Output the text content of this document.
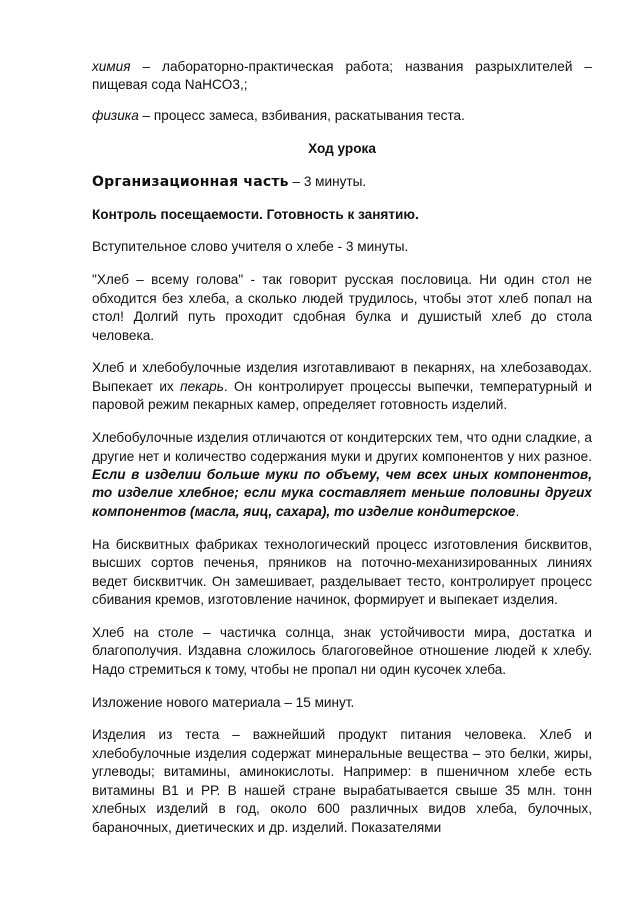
химия – лабораторно-практическая работа; названия разрыхлителей – пищевая сода NaHCO3,;

физика – процесс замеса, взбивания, раскатывания теста.

Ход урока

Организационная часть – 3 минуты.

Контроль посещаемости. Готовность к занятию.

Вступительное слово учителя о хлебе - 3 минуты.

"Хлеб – всему голова" - так говорит русская пословица. Ни один стол не обходится без хлеба, а сколько людей трудилось, чтобы этот хлеб попал на стол! Долгий путь проходит сдобная булка и душистый хлеб до стола человека.

Хлеб и хлебобулочные изделия изготавливают в пекарнях, на хлебозаводах. Выпекает их пекарь. Он контролирует процессы выпечки, температурный и паровой режим пекарных камер, определяет готовность изделий.

Хлебобулочные изделия отличаются от кондитерских тем, что одни сладкие, а другие нет и количество содержания муки и других компонентов у них разное. Если в изделии больше муки по объему, чем всех иных компонентов, то изделие хлебное; если мука составляет меньше половины других компонентов (масла, яиц, сахара), то изделие кондитерское.

На бисквитных фабриках технологический процесс изготовления бисквитов, высших сортов печенья, пряников на поточно-механизированных линиях ведет бисквитчик. Он замешивает, разделывает тесто, контролирует процесс сбивания кремов, изготовление начинок, формирует и выпекает изделия.

Хлеб на столе – частичка солнца, знак устойчивости мира, достатка и благополучия. Издавна сложилось благоговейное отношение людей к хлебу. Надо стремиться к тому, чтобы не пропал ни один кусочек хлеба.

Изложение нового материала – 15 минут.

Изделия из теста – важнейший продукт питания человека. Хлеб и хлебобулочные изделия содержат минеральные вещества – это белки, жиры, углеводы; витамины, аминокислоты. Например: в пшеничном хлебе есть витамины В1 и РР. В нашей стране вырабатывается свыше 35 млн. тонн хлебных изделий в год, около 600 различных видов хлеба, булочных, бараночных, диетических и др. изделий. Показателями
